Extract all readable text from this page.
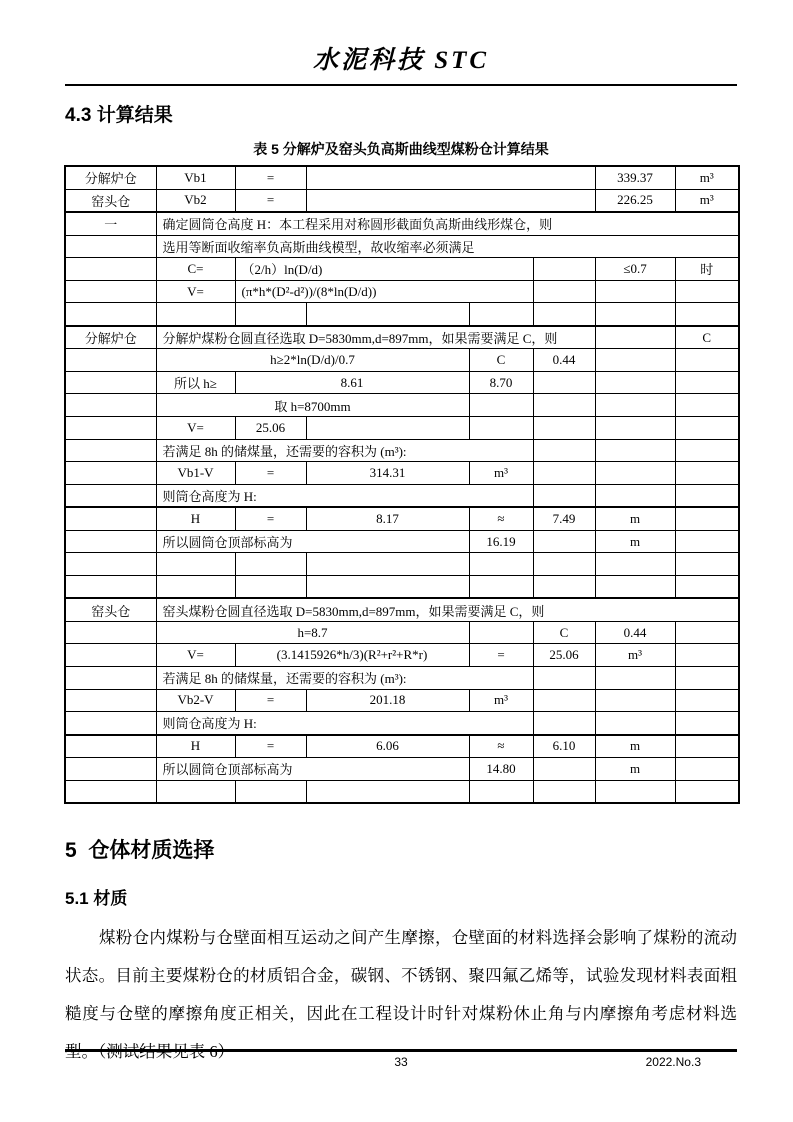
水泥科技 STC
4.3 计算结果
表 5 分解炉及窑头负高斯曲线型煤粉仓计算结果
分解炉仓	Vb1	=				339.37	m³
窑头仓	Vb2	=				226.25	m³
一	确定圆筒仓高度 H：本工程采用对称圆形截面负高斯曲线形煤仓，则						
	选用等断面收缩率负高斯曲线模型，故收缩率必须满足						
	C=	（2/h）ln(D/d)				≤0.7	时
	V=	(π*h*(D²-d²))/(8*ln(D/d))					

分解炉仓	分解炉煤粉仓圆直径选取 D=5830mm,d=897mm，如果需要满足 C，则						C
	h≥2*ln(D/d)/0.7			C	0.44		
	所以 h≥	8.61		8.70			
	取 h=8700mm						
	V=	25.06					
	若满足 8h 的储煤量，还需要的容积为 (m³):						
	Vb1-V	=	314.31	m³			
	则筒仓高度为 H:						
	H	=	8.17	≈	7.49	m	
	所以圆筒仓顶部标高为			16.19		m	

窑头仓	窑头煤粉仓圆直径选取 D=5830mm,d=897mm，如果需要满足 C，则						
	h=8.7				C	0.44	
	V=	(3.1415926*h/3)(R²+r²+R*r)		=	25.06	m³	
	若满足 8h 的储煤量，还需要的容积为 (m³):						
	Vb2-V	=	201.18	m³			
	则筒仓高度为 H:						
	H	=	6.06	≈	6.10	m	
	所以圆筒仓顶部标高为			14.80		m	

5  仓体材质选择
5.1 材质
煤粉仓内煤粉与仓壁面相互运动之间产生摩擦，仓壁面的材料选择会影响了煤粉的流动状态。目前主要煤粉仓的材质铝合金，碳钢、不锈钢、聚四氟乙烯等，试验发现材料表面粗糙度与仓壁的摩擦角度正相关，因此在工程设计时针对煤粉休止角与内摩擦角考虑材料选型。（测试结果见表 6）
33	2022.No.3
